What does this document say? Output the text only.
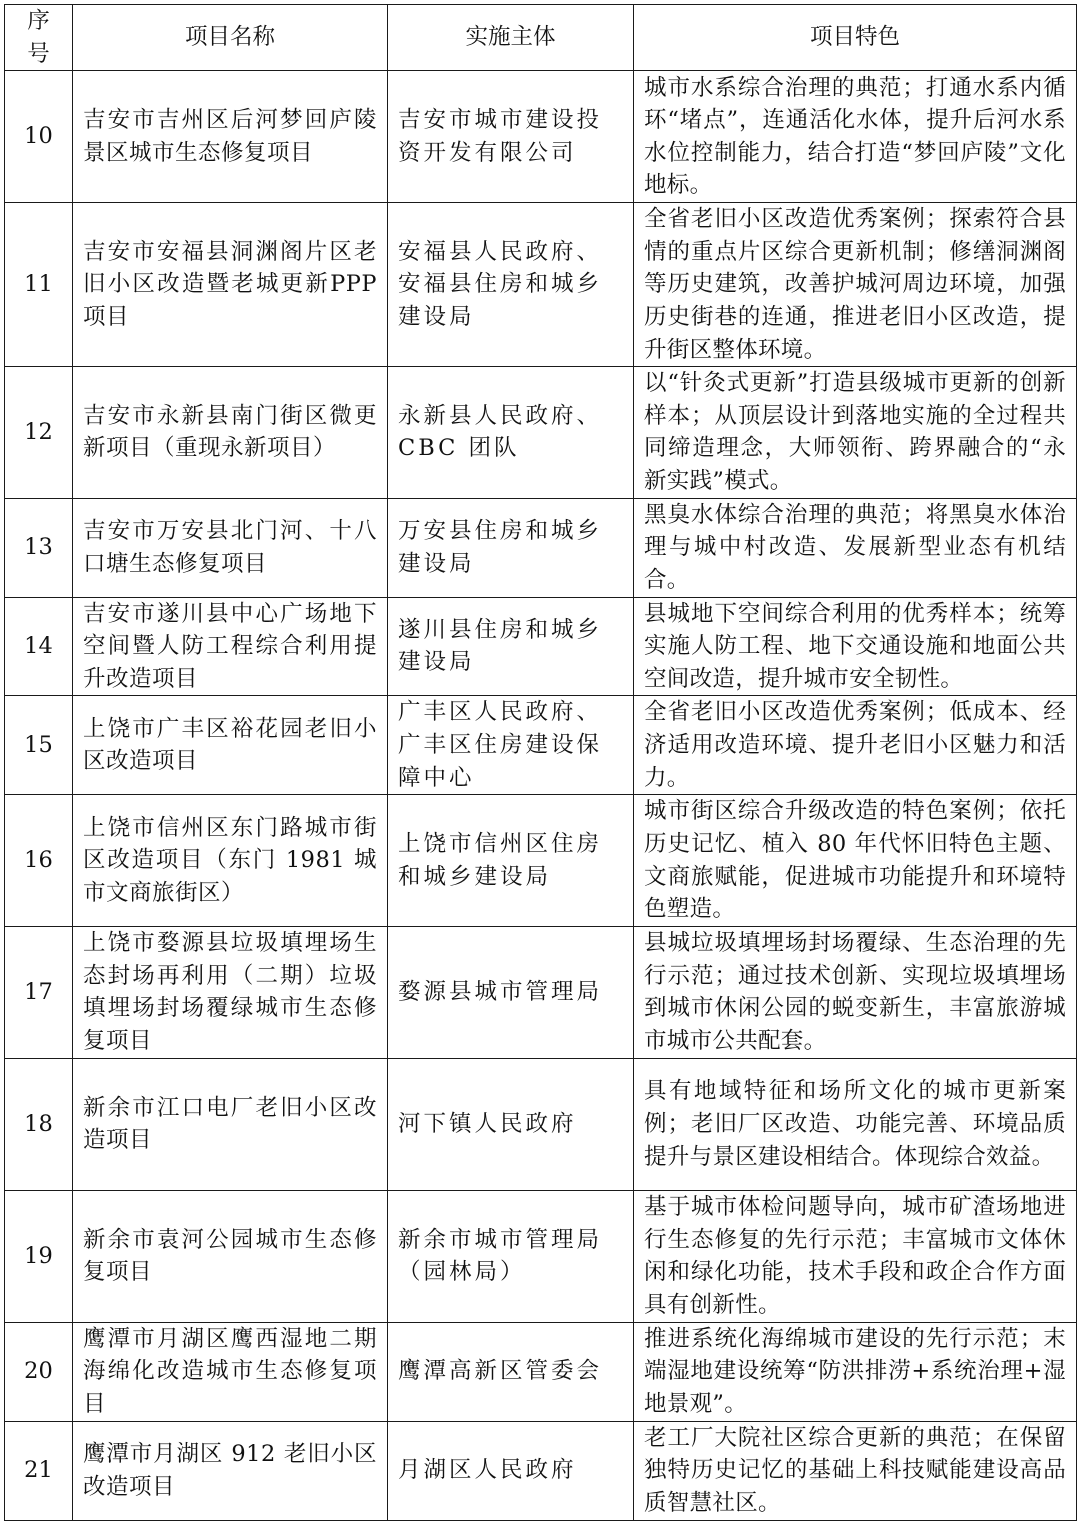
序 号	项目名称	实施主体	项目特色
10	吉安市吉州区后河梦回庐陵景区城市生态修复项目	吉安市城市建设投资开发有限公司	城市水系综合治理的典范；打通水系内循环“堵点”，连通活化水体，提升后河水系水位控制能力，结合打造“梦回庐陵”文化地标。
11	吉安市安福县洞渊阁片区老旧小区改造暨老城更新PPP 项目	安福县人民政府、安福县住房和城乡建设局	全省老旧小区改造优秀案例；探索符合县情的重点片区综合更新机制；修缮洞渊阁等历史建筑，改善护城河周边环境，加强历史街巷的连通，推进老旧小区改造，提升街区整体环境。
12	吉安市永新县南门街区微更新项目（重现永新项目）	永新县人民政府、CBC 团队	以“针灸式更新”打造县级城市更新的创新样本；从顶层设计到落地实施的全过程共同缔造理念，大师领衔、跨界融合的“永新实践”模式。
13	吉安市万安县北门河、十八口塘生态修复项目	万安县住房和城乡建设局	黑臭水体综合治理的典范；将黑臭水体治理与城中村改造、发展新型业态有机结合。
14	吉安市遂川县中心广场地下空间暨人防工程综合利用提升改造项目	遂川县住房和城乡建设局	县城地下空间综合利用的优秀样本；统筹实施人防工程、地下交通设施和地面公共空间改造，提升城市安全韧性。
15	上饶市广丰区裕花园老旧小区改造项目	广丰区人民政府、广丰区住房建设保障中心	全省老旧小区改造优秀案例；低成本、经济适用改造环境、提升老旧小区魅力和活力。
16	上饶市信州区东门路城市街区改造项目（东门 1981 城市文商旅街区）	上饶市信州区住房和城乡建设局	城市街区综合升级改造的特色案例；依托历史记忆、植入 80 年代怀旧特色主题、文商旅赋能，促进城市功能提升和环境特色塑造。
17	上饶市婺源县垃圾填埋场生态封场再利用（二期）垃圾填埋场封场覆绿城市生态修复项目	婺源县城市管理局	县城垃圾填埋场封场覆绿、生态治理的先行示范；通过技术创新、实现垃圾填埋场到城市休闲公园的蜕变新生，丰富旅游城市城市公共配套。
18	新余市江口电厂老旧小区改造项目	河下镇人民政府	具有地域特征和场所文化的城市更新案例；老旧厂区改造、功能完善、环境品质提升与景区建设相结合。体现综合效益。
19	新余市袁河公园城市生态修复项目	新余市城市管理局（园林局）	基于城市体检问题导向，城市矿渣场地进行生态修复的先行示范；丰富城市文体休闲和绿化功能，技术手段和政企合作方面具有创新性。
20	鹰潭市月湖区鹰西湿地二期海绵化改造城市生态修复项目	鹰潭高新区管委会	推进系统化海绵城市建设的先行示范；末端湿地建设统筹“防洪排涝+系统治理+湿地景观”。
21	鹰潭市月湖区 912 老旧小区改造项目	月湖区人民政府	老工厂大院社区综合更新的典范；在保留独特历史记忆的基础上科技赋能建设高品质智慧社区。
